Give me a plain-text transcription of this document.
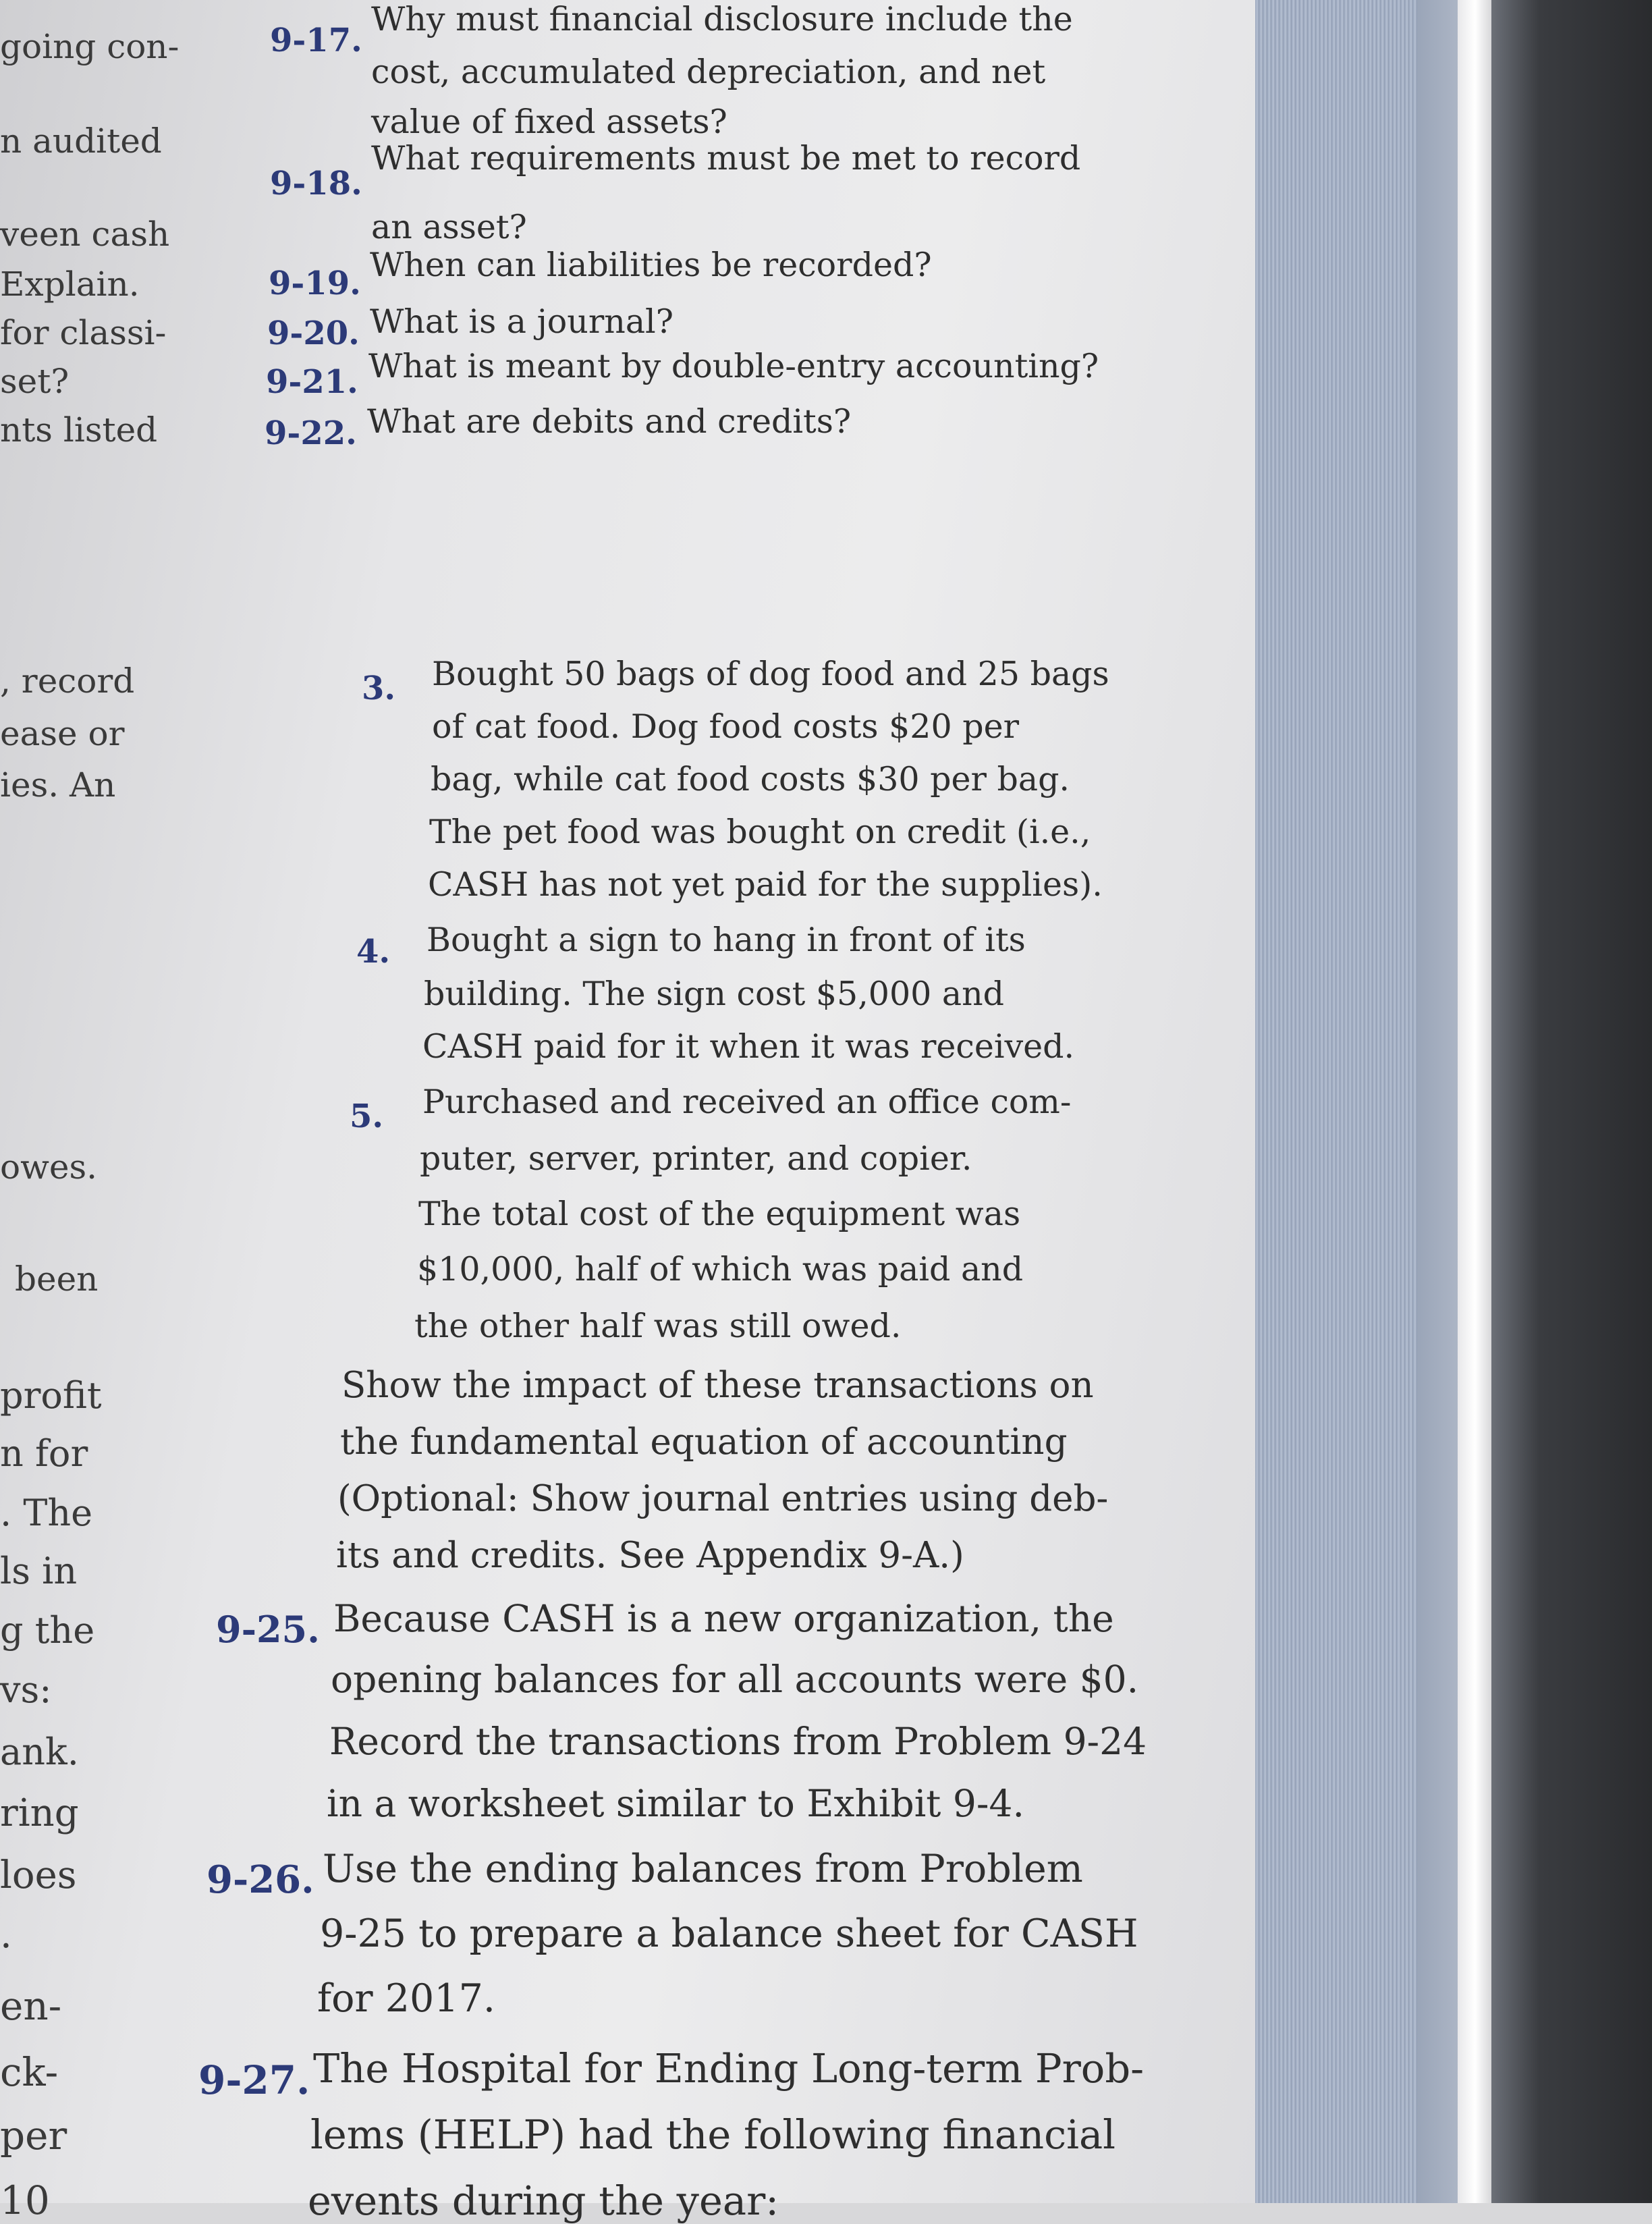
going con-
n audited
veen cash
Explain.
for classi-
set?
nts listed
, record
ease or
ies. An
owes.
been
profit
n for
. The
ls in
g the
vs:
ank.
ring
loes
.
en-
ck-
per
10
9-17.
Why must financial disclosure include the
cost, accumulated depreciation, and net
value of fixed assets?
9-18.
What requirements must be met to record
an asset?
9-19. When can liabilities be recorded?
9-20. What is a journal?
9-21. What is meant by double-entry accounting?
9-22. What are debits and credits?
3. Bought 50 bags of dog food and 25 bags
of cat food. Dog food costs $20 per
bag, while cat food costs $30 per bag.
The pet food was bought on credit (i.e.,
CASH has not yet paid for the supplies).
4. Bought a sign to hang in front of its
building. The sign cost $5,000 and
CASH paid for it when it was received.
5. Purchased and received an office com-
puter, server, printer, and copier.
The total cost of the equipment was
$10,000, half of which was paid and
the other half was still owed.
Show the impact of these transactions on
the fundamental equation of accounting
(Optional: Show journal entries using deb-
its and credits. See Appendix 9-A.)
9-25. Because CASH is a new organization, the
opening balances for all accounts were $0.
Record the transactions from Problem 9-24
in a worksheet similar to Exhibit 9-4.
9-26. Use the ending balances from Problem
9-25 to prepare a balance sheet for CASH
for 2017.
9-27. The Hospital for Ending Long-term Prob-
lems (HELP) had the following financial
events during the year:
